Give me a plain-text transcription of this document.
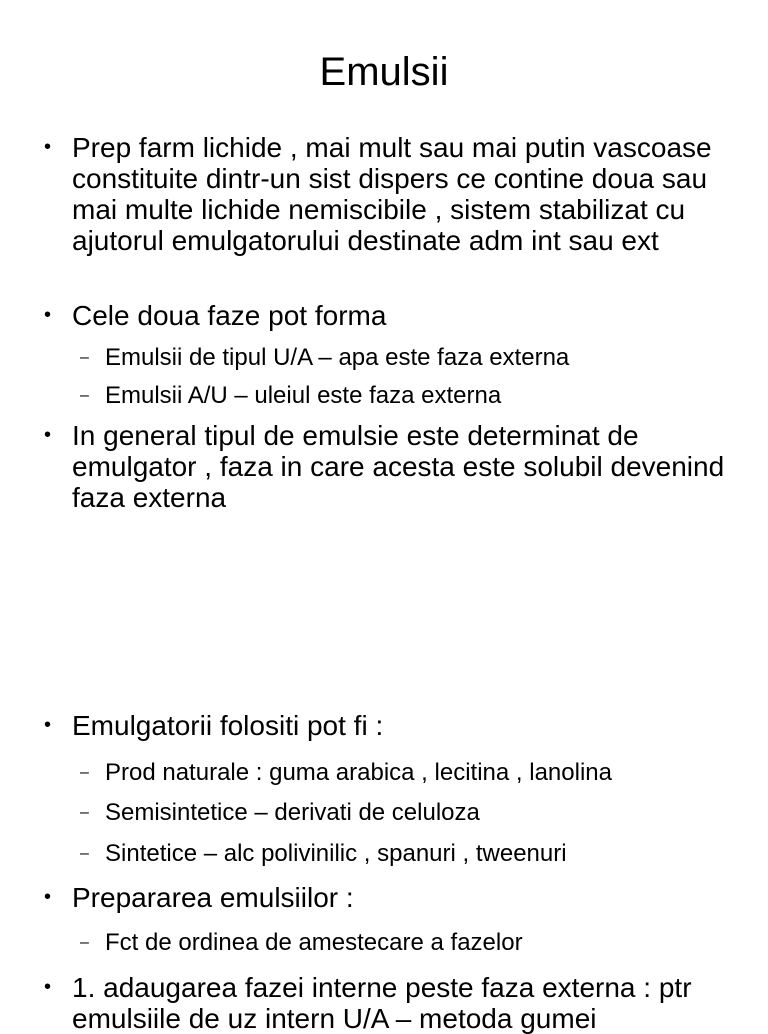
Emulsii
• Prep farm lichide , mai mult sau mai putin vascoase constituite dintr-un sist dispers ce contine doua sau mai multe lichide nemiscibile , sistem stabilizat cu ajutorul emulgatorului destinate adm int sau ext
• Cele doua faze pot forma
– Emulsii de tipul U/A – apa este faza externa
– Emulsii A/U – uleiul este faza externa
• In general tipul de emulsie este determinat de emulgator , faza in care acesta este solubil devenind faza externa
• Emulgatorii folositi pot fi :
– Prod naturale : guma arabica , lecitina , lanolina
– Semisintetice – derivati de celuloza
– Sintetice – alc polivinilic , spanuri , tweenuri
• Prepararea emulsiilor :
– Fct de ordinea de amestecare a fazelor
• 1. adaugarea fazei interne peste faza externa : ptr emulsiile de uz intern U/A – metoda gumei
